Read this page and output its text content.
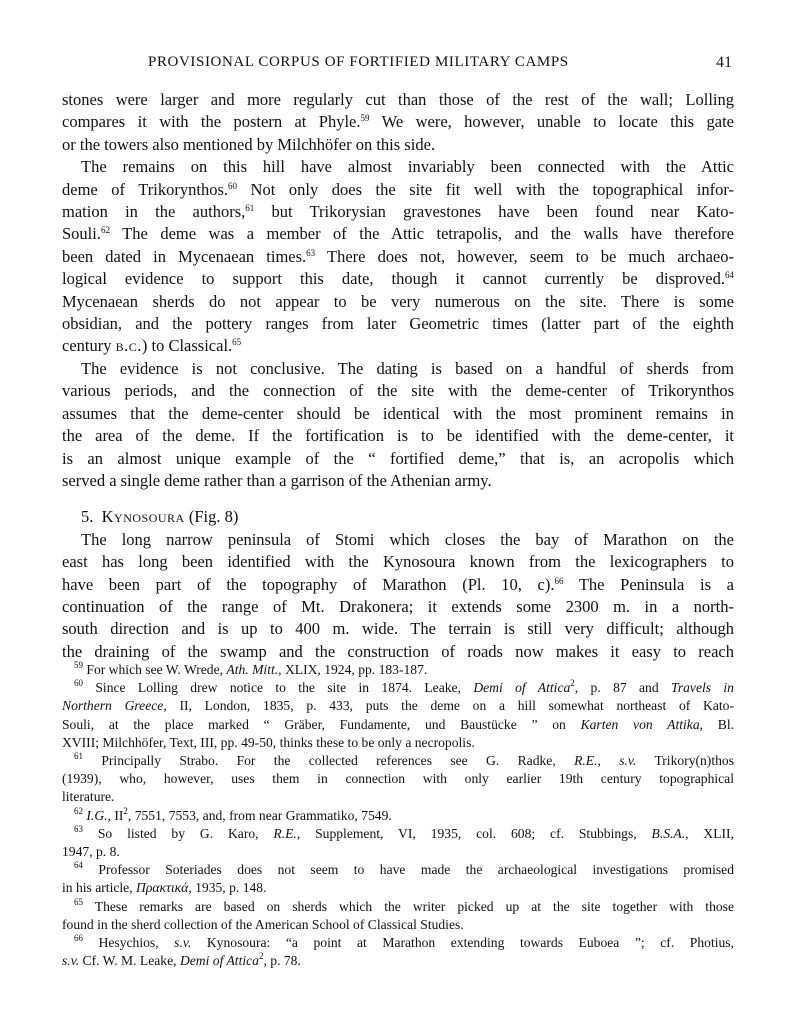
PROVISIONAL CORPUS OF FORTIFIED MILITARY CAMPS	41
stones were larger and more regularly cut than those of the rest of the wall; Lolling
compares it with the postern at Phyle.$^{59}$ We were, however, unable to locate this gate
or the towers also mentioned by Milchhöfer on this side.
The remains on this hill have almost invariably been connected with the Attic
deme of Trikorynthos.$^{60}$ Not only does the site fit well with the topographical infor-
mation in the authors,$^{61}$ but Trikorysian gravestones have been found near Kato-
Souli.$^{62}$ The deme was a member of the Attic tetrapolis, and the walls have therefore
been dated in Mycenaean times.$^{63}$ There does not, however, seem to be much archaeo-
logical evidence to support this date, though it cannot currently be disproved.$^{64}$
Mycenaean sherds do not appear to be very numerous on the site. There is some
obsidian, and the pottery ranges from later Geometric times (latter part of the eighth
century b.c.) to Classical.$^{65}$
The evidence is not conclusive. The dating is based on a handful of sherds from
various periods, and the connection of the site with the deme-center of Trikorynthos
assumes that the deme-center should be identical with the most prominent remains in
the area of the deme. If the fortification is to be identified with the deme-center, it
is an almost unique example of the “ fortified deme,” that is, an acropolis which
served a single deme rather than a garrison of the Athenian army.
5. Kynosoura (Fig. 8)
The long narrow peninsula of Stomi which closes the bay of Marathon on the
east has long been identified with the Kynosoura known from the lexicographers to
have been part of the topography of Marathon (Pl. 10, c).$^{66}$ The Peninsula is a
continuation of the range of Mt. Drakonera; it extends some 2300 m. in a north-
south direction and is up to 400 m. wide. The terrain is still very difficult; although
the draining of the swamp and the construction of roads now makes it easy to reach
$^{59}$ For which see W. Wrede, Ath. Mitt., XLIX, 1924, pp. 183-187.
$^{60}$ Since Lolling drew notice to the site in 1874. Leake, Demi of Attica$^2$, p. 87 and Travels in
Northern Greece, II, London, 1835, p. 433, puts the deme on a hill somewhat northeast of Kato-
Souli, at the place marked “ Gräber, Fundamente, und Baustücke ” on Karten von Attika, Bl.
XVIII; Milchhöfer, Text, III, pp. 49-50, thinks these to be only a necropolis.
$^{61}$ Principally Strabo. For the collected references see G. Radke, R.E., s.v. Trikory(n)thos
(1939), who, however, uses them in connection with only earlier 19th century topographical
literature.
$^{62}$ I.G., $II^2$, 7551, 7553, and, from near Grammatiko, 7549.
$^{63}$ So listed by G. Karo, R.E., Supplement, VI, 1935, col. 608; cf. Stubbings, B.S.A., XLII,
1947, p. 8.
$^{64}$ Professor Soteriades does not seem to have made the archaeological investigations promised
in his article, Πρακτικά, 1935, p. 148.
$^{65}$ These remarks are based on sherds which the writer picked up at the site together with those
found in the sherd collection of the American School of Classical Studies.
$^{66}$ Hesychios, s.v. Kynosoura: “a point at Marathon extending towards Euboea ”; cf. Photius,
s.v. Cf. W. M. Leake, Demi of Attica$^2$, p. 78.
